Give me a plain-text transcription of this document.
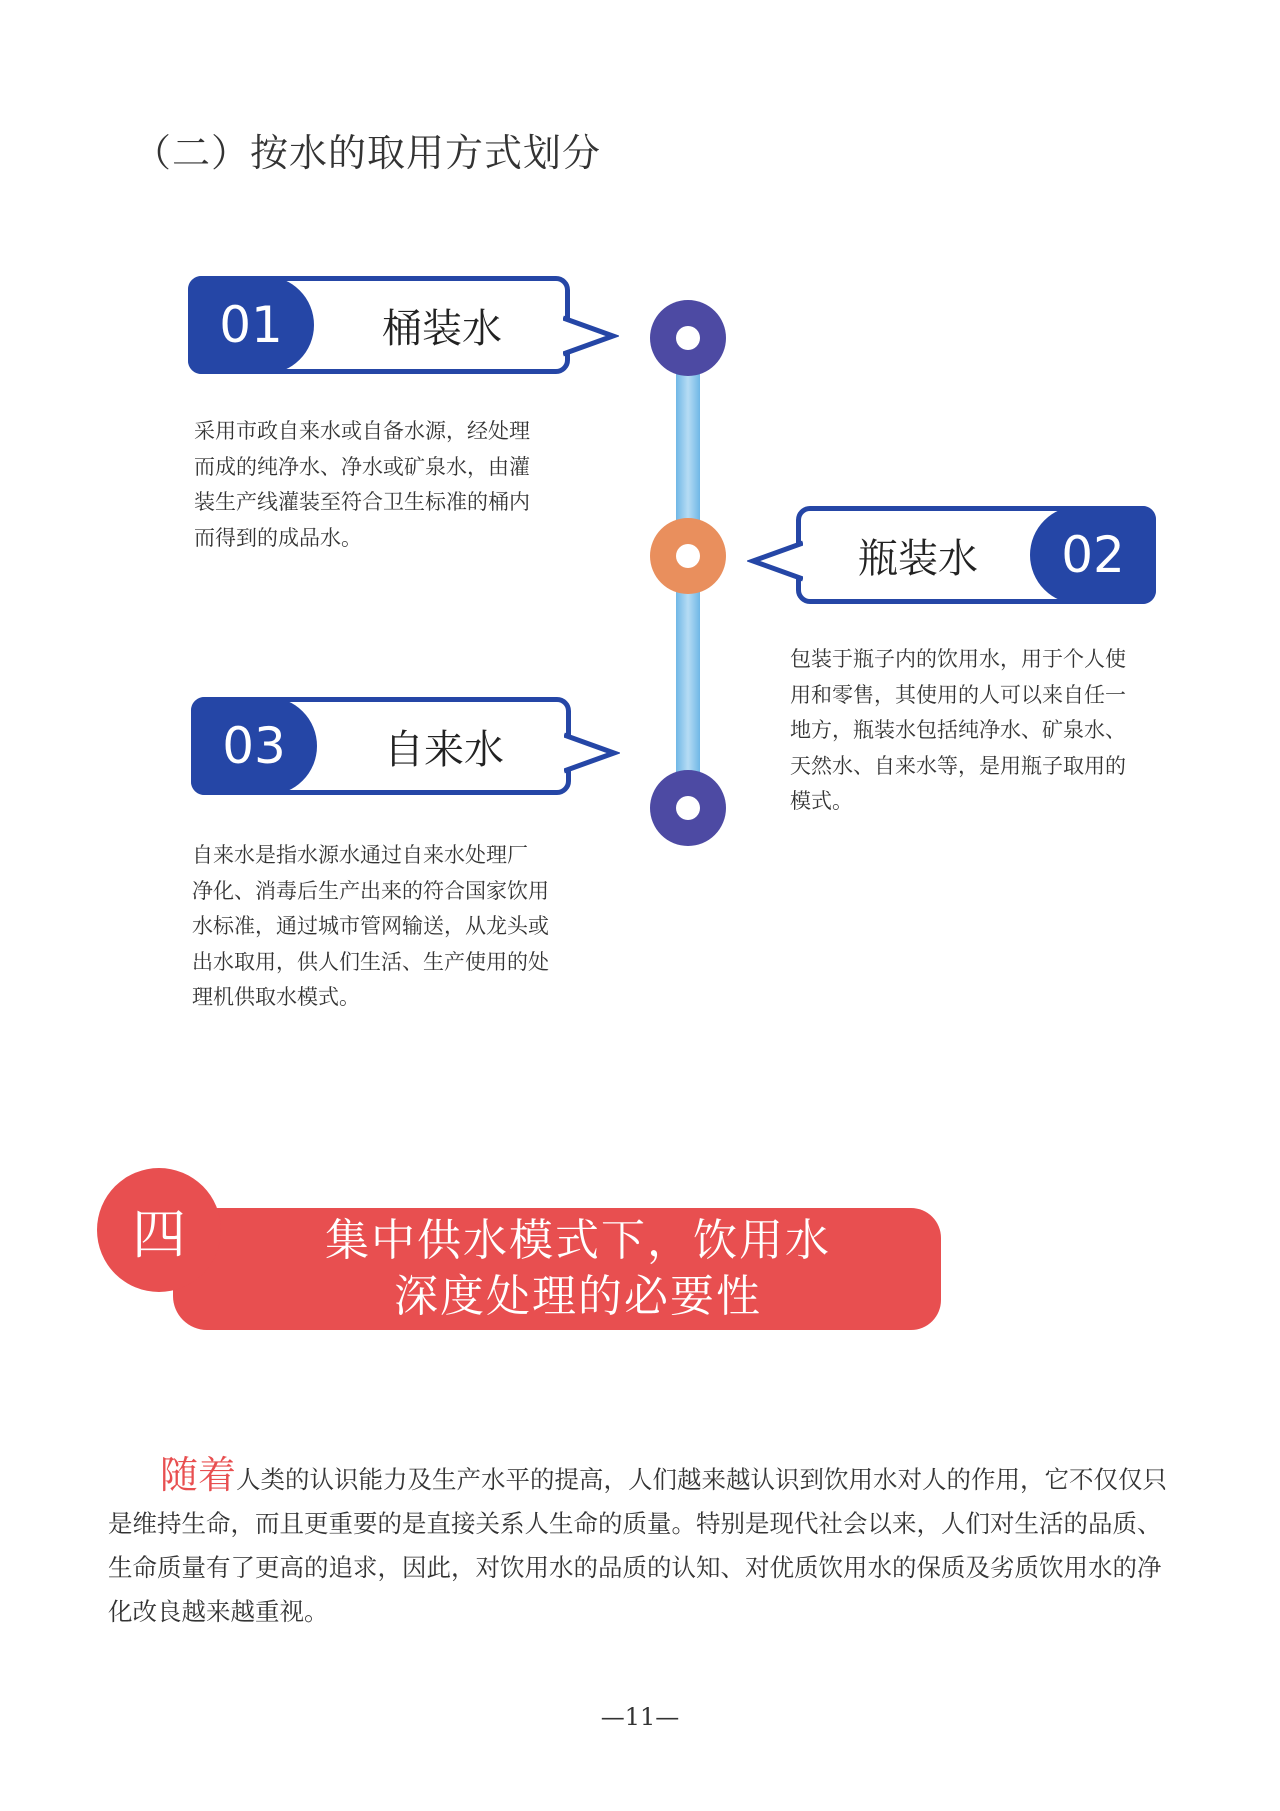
（二）按水的取用方式划分
01	桶装水
采用市政自来水或自备水源，经处理
而成的纯净水、净水或矿泉水，由灌
装生产线灌装至符合卫生标准的桶内
而得到的成品水。	瓶装水	02
包装于瓶子内的饮用水，用于个人使
用和零售，其使用的人可以来自任一
地方，瓶装水包括纯净水、矿泉水、
天然水、自来水等，是用瓶子取用的
模式。
03	自来水
自来水是指水源水通过自来水处理厂
净化、消毒后生产出来的符合国家饮用
水标准，通过城市管网输送，从龙头或
出水取用，供人们生活、生产使用的处
理机供取水模式。
四	集中供水模式下，饮用水
深度处理的必要性
随着人类的认识能力及生产水平的提高，人们越来越认识到饮用水对人的作用，它不仅仅只是维持生命，而且更重要的是直接关系人生命的质量。特别是现代社会以来，人们对生活的品质、生命质量有了更高的追求，因此，对饮用水的品质的认知、对优质饮用水的保质及劣质饮用水的净化改良越来越重视。
—11—
